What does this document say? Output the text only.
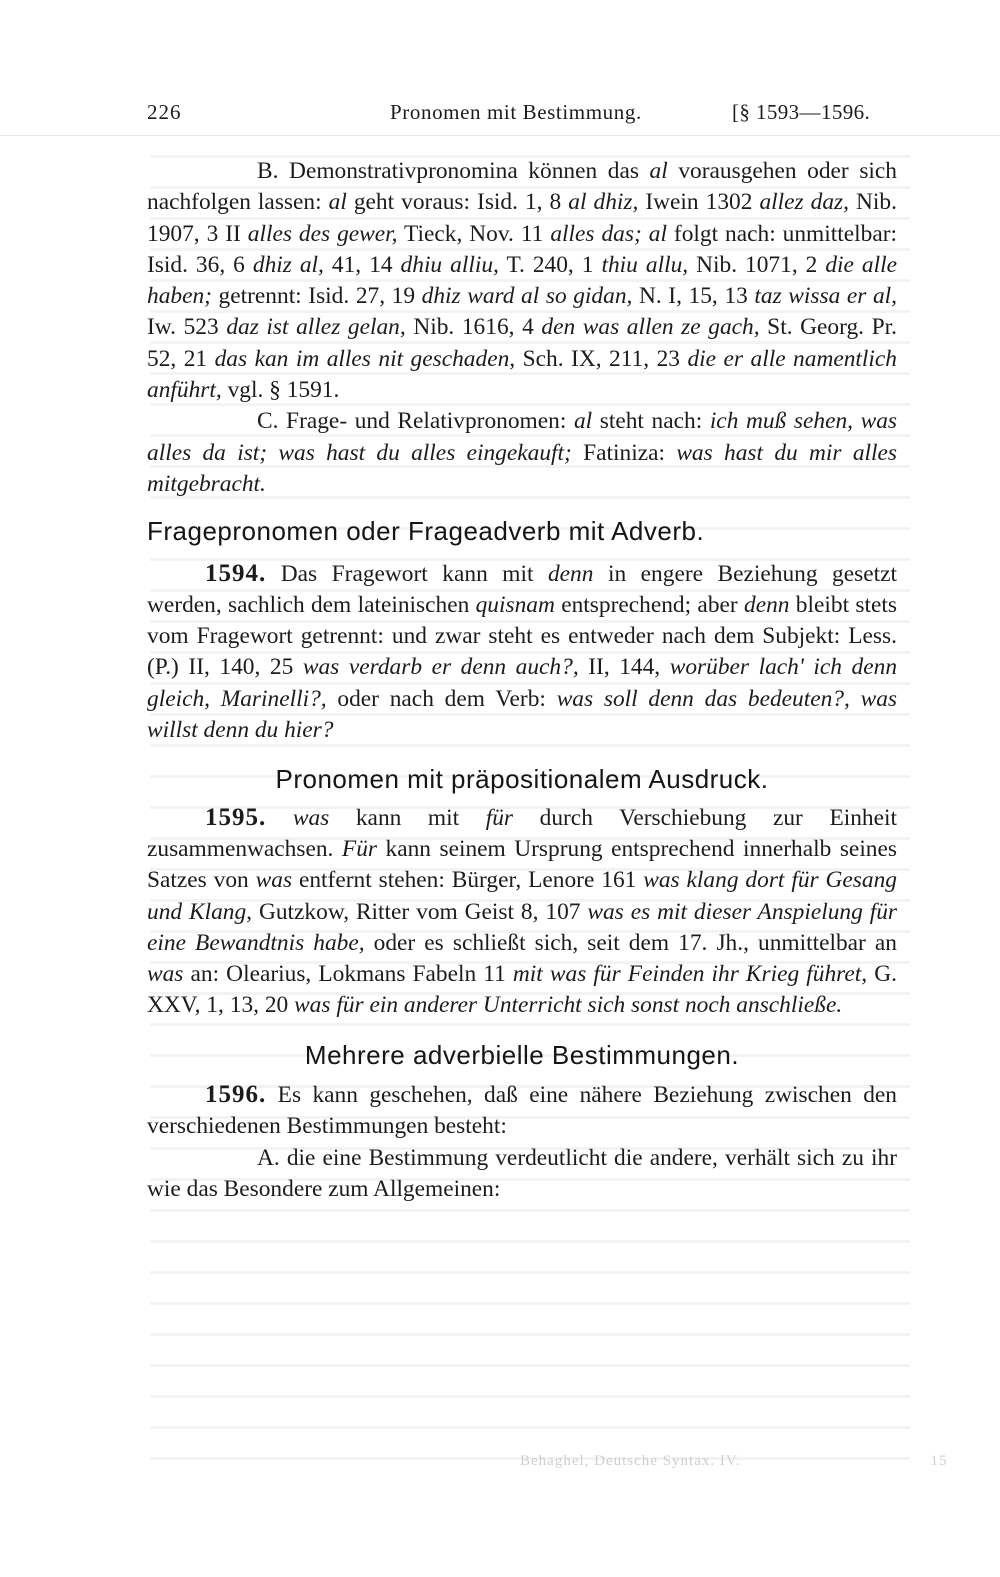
226	Pronomen mit Bestimmung.	[§ 1593—1596.

B. Demonstrativpronomina können das al vorausgehen oder sich nachfolgen lassen: al geht voraus: Isid. 1, 8 al dhiz, Iwein 1302 allez daz, Nib. 1907, 3 II alles des gewer, Tieck, Nov. 11 alles das; al folgt nach: unmittelbar: Isid. 36, 6 dhiz al, 41, 14 dhiu alliu, T. 240, 1 thiu allu, Nib. 1071, 2 die alle haben; getrennt: Isid. 27, 19 dhiz ward al so gidan, N. I, 15, 13 taz wissa er al, Iw. 523 daz ist allez gelan, Nib. 1616, 4 den was allen ze gach, St. Georg. Pr. 52, 21 das kan im alles nit geschaden, Sch. IX, 211, 23 die er alle namentlich anführt, vgl. § 1591.

C. Frage- und Relativpronomen: al steht nach: ich muß sehen, was alles da ist; was hast du alles eingekauft; Fatiniza: was hast du mir alles mitgebracht.

Fragepronomen oder Frageadverb mit Adverb.

1594. Das Fragewort kann mit denn in engere Beziehung gesetzt werden, sachlich dem lateinischen quisnam entsprechend; aber denn bleibt stets vom Fragewort getrennt: und zwar steht es entweder nach dem Subjekt: Less. (P.) II, 140, 25 was verdarb er denn auch?, II, 144, worüber lach' ich denn gleich, Marinelli?, oder nach dem Verb: was soll denn das bedeuten?, was willst denn du hier?

Pronomen mit präpositionalem Ausdruck.

1595. was kann mit für durch Verschiebung zur Einheit zusammenwachsen. Für kann seinem Ursprung entsprechend innerhalb seines Satzes von was entfernt stehen: Bürger, Lenore 161 was klang dort für Gesang und Klang, Gutzkow, Ritter vom Geist 8, 107 was es mit dieser Anspielung für eine Bewandtnis habe, oder es schließt sich, seit dem 17. Jh., unmittelbar an was an: Olearius, Lokmans Fabeln 11 mit was für Feinden ihr Krieg führet, G. XXV, 1, 13, 20 was für ein anderer Unterricht sich sonst noch anschließe.

Mehrere adverbielle Bestimmungen.

1596. Es kann geschehen, daß eine nähere Beziehung zwischen den verschiedenen Bestimmungen besteht:

A. die eine Bestimmung verdeutlicht die andere, verhält sich zu ihr wie das Besondere zum Allgemeinen:

Behaghel, Deutsche Syntax. IV.	15
